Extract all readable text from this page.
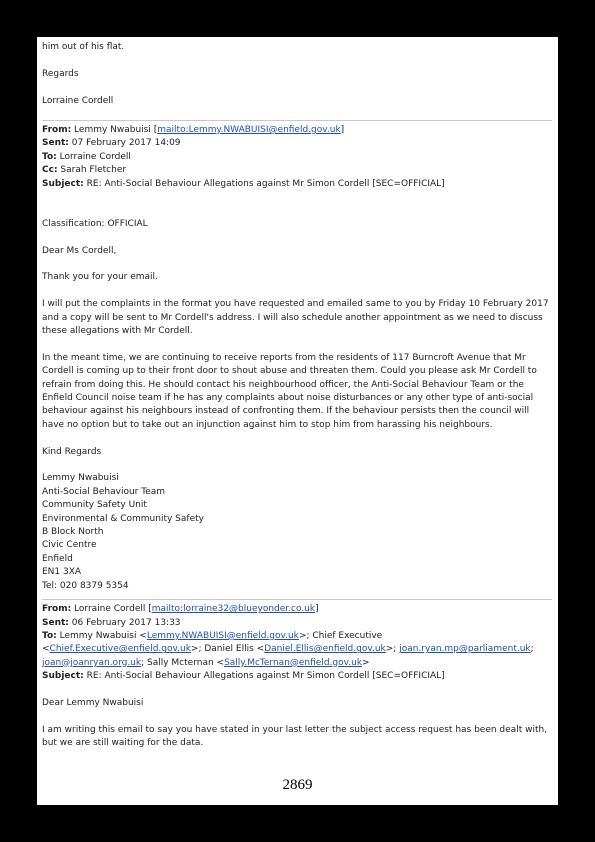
him out of his flat.

Regards

Lorraine Cordell

From: Lemmy Nwabuisi [mailto:Lemmy.NWABUISI@enfield.gov.uk]

Sent: 07 February 2017 14:09

To: Lorraine Cordell

Cc: Sarah Fletcher

Subject: RE: Anti-Social Behaviour Allegations against Mr Simon Cordell [SEC=OFFICIAL]

Classification: OFFICIAL

Dear Ms Cordell,

Thank you for your email.

I will put the complaints in the format you have requested and emailed same to you by Friday 10 February 2017 and a copy will be sent to Mr Cordell's address. I will also schedule another appointment as we need to discuss these allegations with Mr Cordell.

In the meant time, we are continuing to receive reports from the residents of 117 Burncroft Avenue that Mr Cordell is coming up to their front door to shout abuse and threaten them. Could you please ask Mr Cordell to refrain from doing this. He should contact his neighbourhood officer, the Anti-Social Behaviour Team or the Enfield Council noise team if he has any complaints about noise disturbances or any other type of anti-social behaviour against his neighbours instead of confronting them. If the behaviour persists then the council will have no option but to take out an injunction against him to stop him from harassing his neighbours.

Kind Regards

Lemmy Nwabuisi

Anti-Social Behaviour Team

Community Safety Unit

Environmental & Community Safety

B Block North

Civic Centre

Enfield

EN1 3XA

Tel: 020 8379 5354

From: Lorraine Cordell [mailto:lorraine32@blueyonder.co.uk]

Sent: 06 February 2017 13:33

To: Lemmy Nwabuisi <Lemmy.NWABUISI@enfield.gov.uk>; Chief Executive

<Chief.Executive@enfield.gov.uk>; Daniel Ellis <Daniel.Ellis@enfield.gov.uk>; joan.ryan.mp@parliament.uk;

joan@joanryan.org.uk; Sally Mcternan <Sally.McTernan@enfield.gov.uk>

Subject: RE: Anti-Social Behaviour Allegations against Mr Simon Cordell [SEC=OFFICIAL]

Dear Lemmy Nwabuisi

I am writing this email to say you have stated in your last letter the subject access request has been dealt with, but we are still waiting for the data.

2869
